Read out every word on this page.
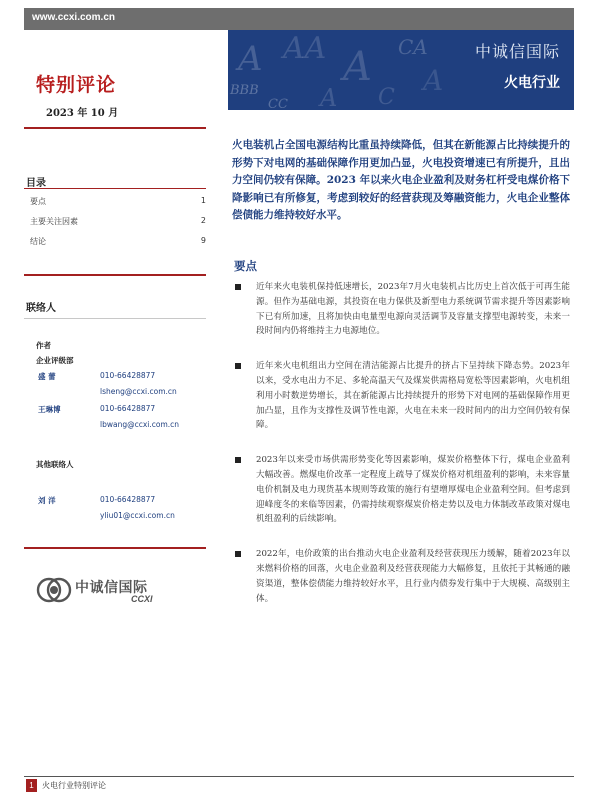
www.ccxi.com.cn
A AA A CA
BBB	A C
CC
A
中诚信国际
火电行业
特别评论
2023 年 10 月
火电装机占全国电源结构比重虽持续降低，但其在新能源占比持续提升的形势下对电网的基础保障作用更加凸显，火电投资增速已有所提升，且出力空间仍较有保障。2023 年以来火电企业盈利及财务杠杆受电煤价格下降影响已有所修复，考虑到较好的经营获现及筹融资能力，火电企业整体偿债能力维持较好水平。
目录
要点	1
主要关注因素	2
结论	9
联络人
作者
企业评级部
盛 蕾	010-66428877
lsheng@ccxi.com.cn
王琳博	010-66428877
lbwang@ccxi.com.cn
其他联络人
刘 洋	010-66428877
yliu01@ccxi.com.cn
中诚信国际
CCXI
要点
近年来火电装机保持低速增长，2023年7月火电装机占比历史上首次低于可再生能源。但作为基础电源，其投资在电力保供及新型电力系统调节需求提升等因素影响下已有所加速，且将加快由电量型电源向灵活调节及容量支撑型电源转变，未来一段时间内仍将维持主力电源地位。
近年来火电机组出力空间在清洁能源占比提升的挤占下呈持续下降态势。2023年以来，受水电出力不足、多轮高温天气及煤炭供需格局宽松等因素影响，火电机组利用小时数逆势增长，其在新能源占比持续提升的形势下对电网的基础保障作用更加凸显，且作为支撑性及调节性电源，火电在未来一段时间内的出力空间仍较有保障。
2023年以来受市场供需形势变化等因素影响，煤炭价格整体下行，煤电企业盈利大幅改善。燃煤电价改革一定程度上疏导了煤炭价格对机组盈利的影响，未来容量电价机制及电力现货基本规则等政策的施行有望增厚煤电企业盈利空间。但考虑到迎峰度冬的来临等因素，仍需持续观察煤炭价格走势以及电力体制改革政策对煤电机组盈利的后续影响。
2022年，电价政策的出台推动火电企业盈利及经营获现压力缓解，随着2023年以来燃料价格的回落，火电企业盈利及经营获现能力大幅修复，且依托于其畅通的融资渠道，整体偿债能力维持较好水平，且行业内债券发行集中于大规模、高级别主体。
1	火电行业特别评论
